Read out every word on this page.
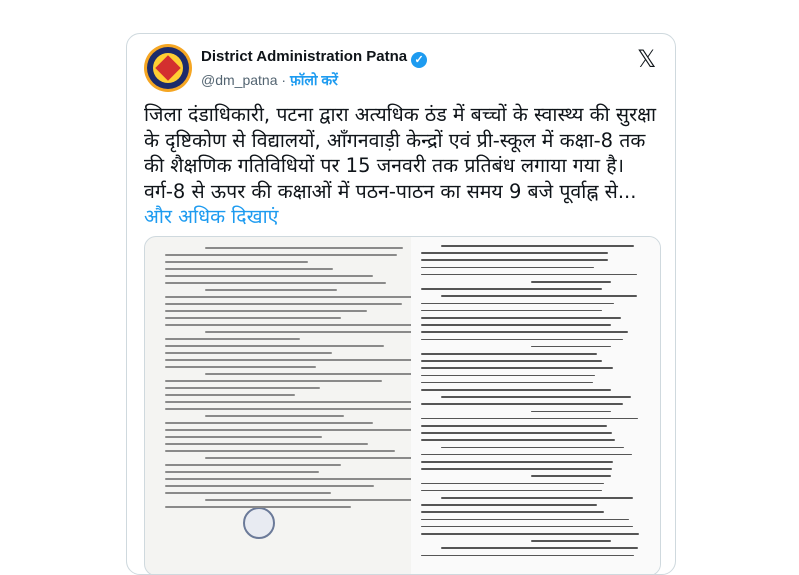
District Administration Patna ✓
@dm_patna · फ़ॉलो करें
𝕏
जिला दंडाधिकारी, पटना द्वारा अत्यधिक ठंड में बच्चों के स्वास्थ्य की सुरक्षा के दृष्टिकोण से विद्यालयों, आँगनवाड़ी केन्द्रों एवं प्री-स्कूल में कक्षा-8 तक की शैक्षणिक गतिविधियों पर 15 जनवरी तक प्रतिबंध लगाया गया है। वर्ग-8 से ऊपर की कक्षाओं में पठन-पाठन का समय 9 बजे पूर्वाह्न से... और अधिक दिखाएं
